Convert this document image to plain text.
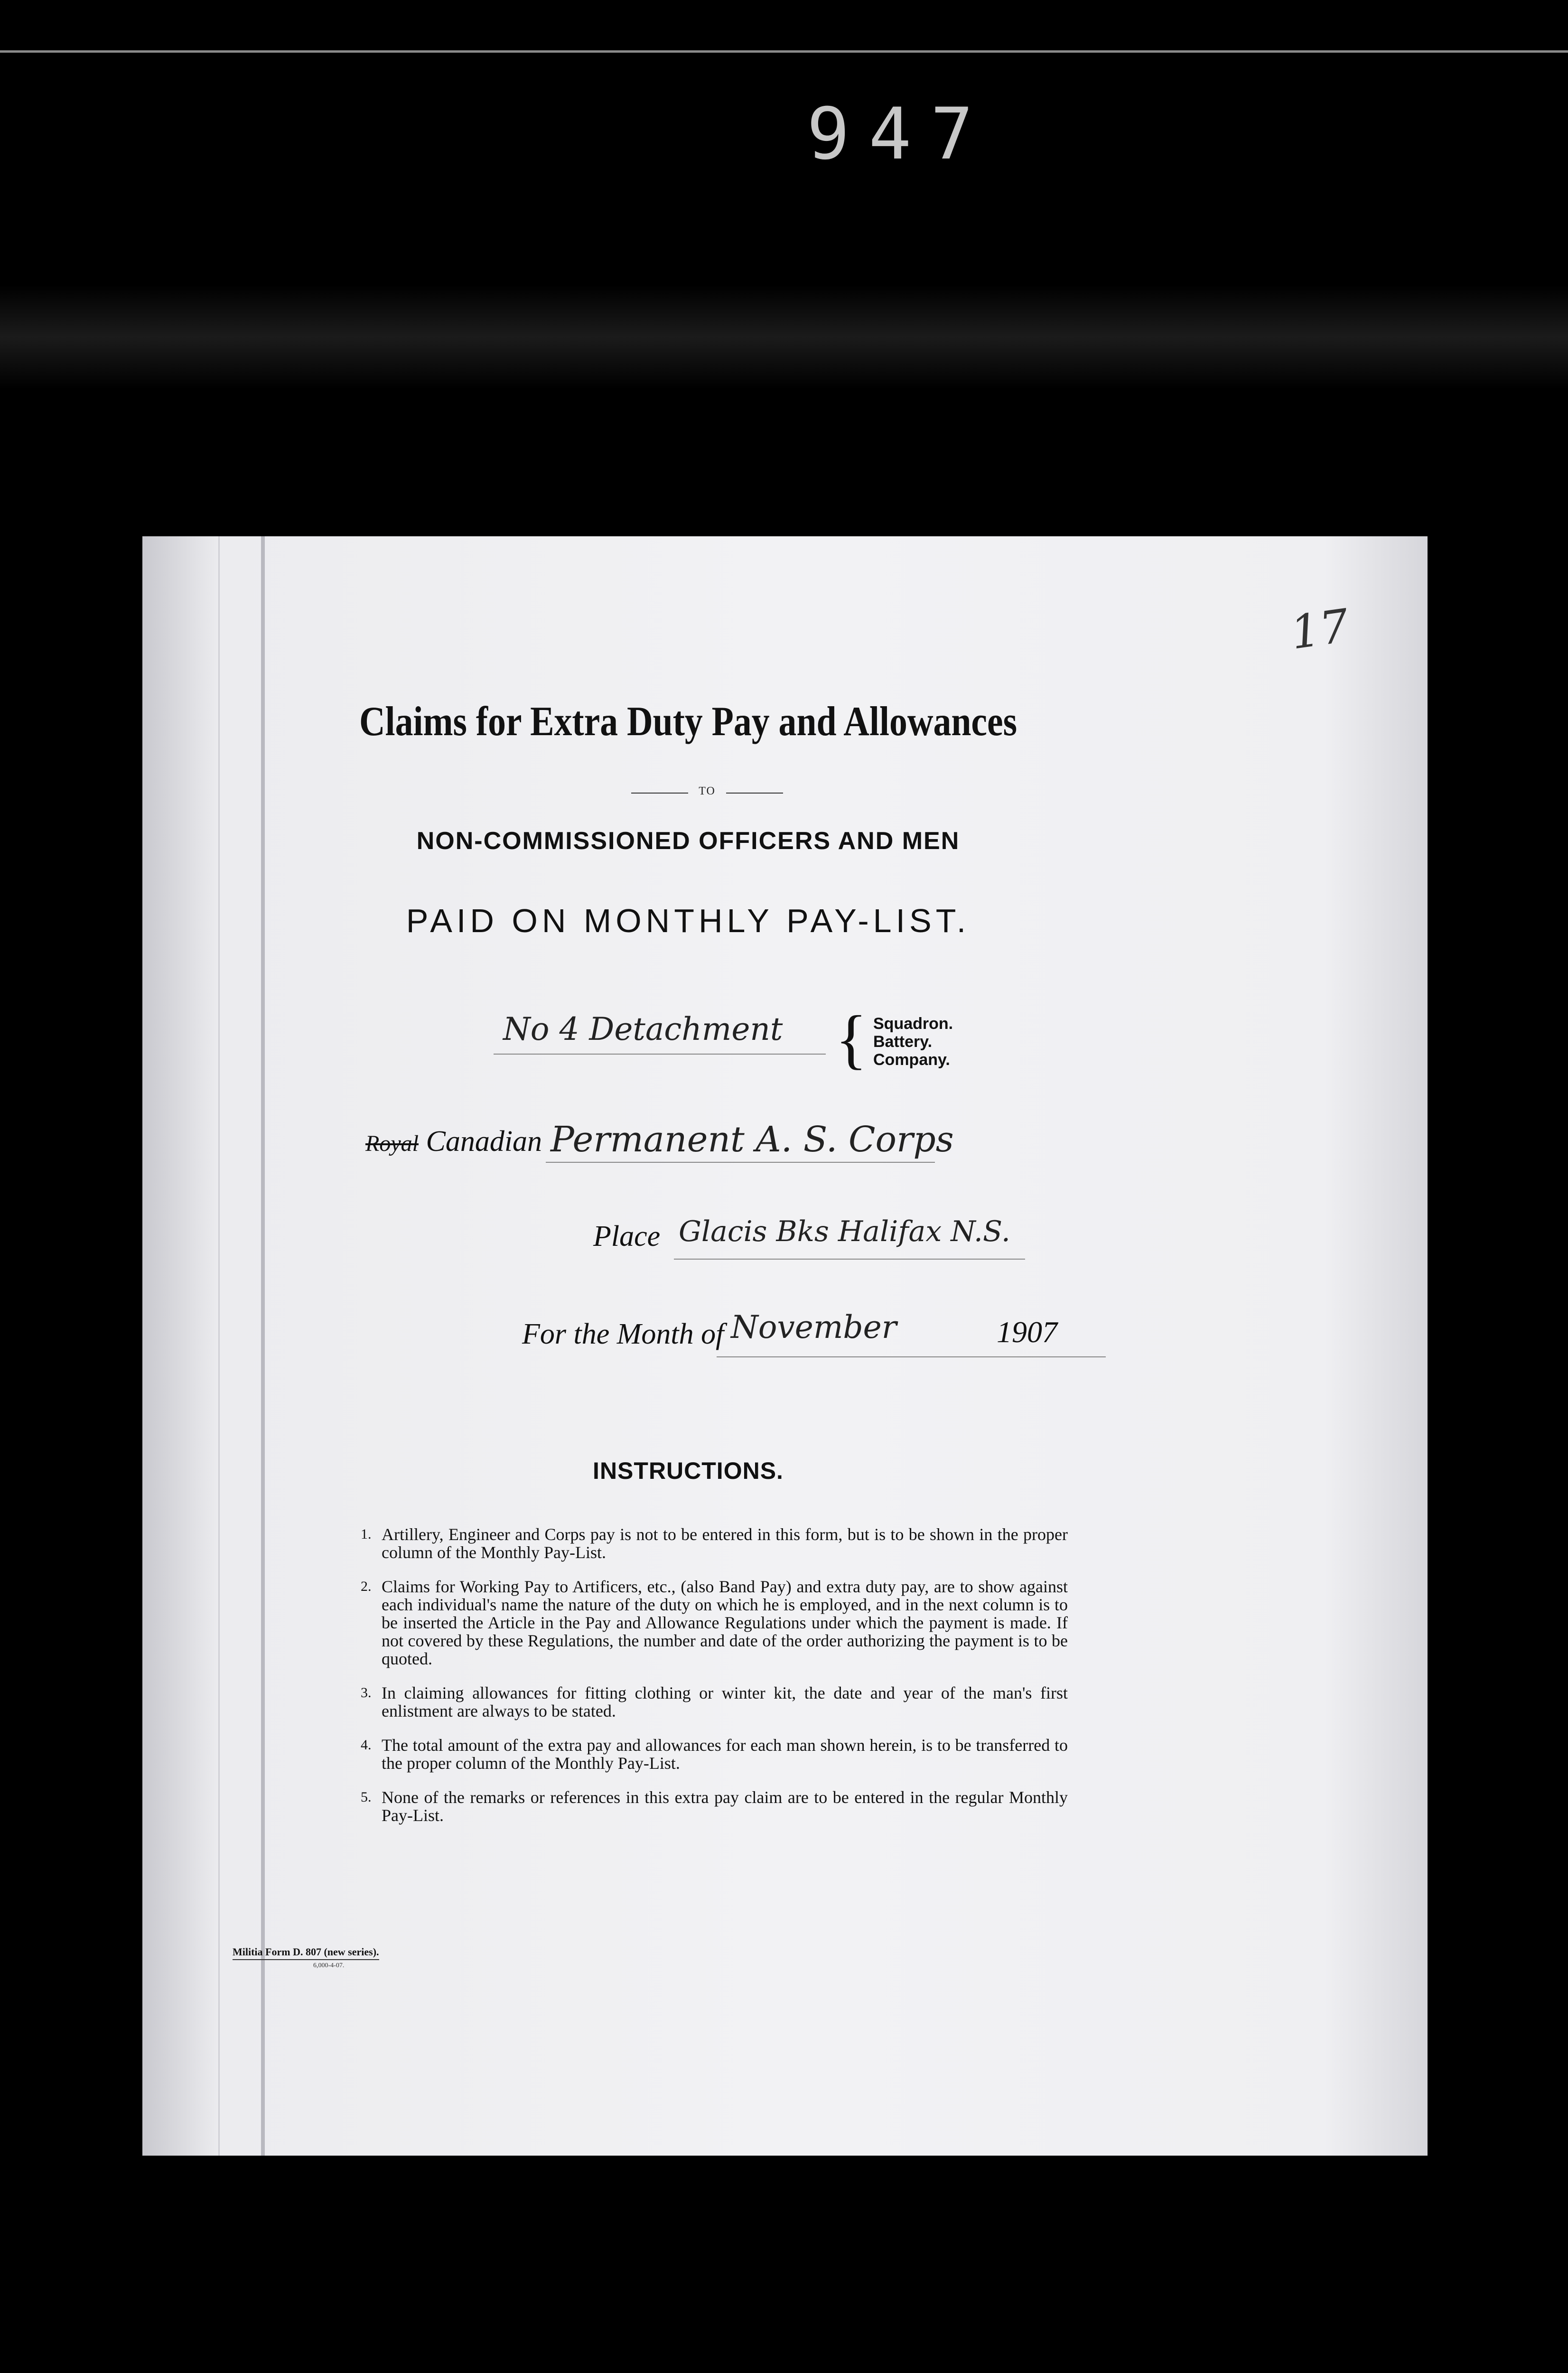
947
17
Claims for Extra Duty Pay and Allowances
TO
NON-COMMISSIONED OFFICERS AND MEN
PAID ON MONTHLY PAY-LIST.
No 4 Detachment { Squadron.
Battery.
Company.
Royal Canadian Permanent A. S. Corps
Place Glacis Bks Halifax N.S.
For the Month of November	1907
INSTRUCTIONS.
1. Artillery, Engineer and Corps pay is not to be entered in this form, but is to be shown in the proper column of the Monthly Pay-List.
2. Claims for Working Pay to Artificers, etc., (also Band Pay) and extra duty pay, are to show against each individual's name the nature of the duty on which he is employed, and in the next column is to be inserted the Article in the Pay and Allowance Regulations under which the payment is made. If not covered by these Regulations, the number and date of the order authorizing the payment is to be quoted.
3. In claiming allowances for fitting clothing or winter kit, the date and year of the man's first enlistment are always to be stated.
4. The total amount of the extra pay and allowances for each man shown herein, is to be transferred to the proper column of the Monthly Pay-List.
5. None of the remarks or references in this extra pay claim are to be entered in the regular Monthly Pay-List.
Militia Form D. 807 (new series).
6,000-4-07.
